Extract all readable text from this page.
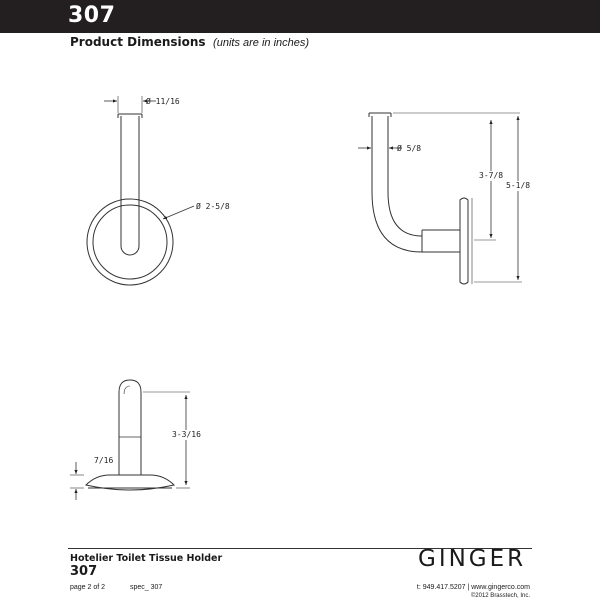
307
Product Dimensions (units are in inches)
Ø 11/16
Ø 2-5/8
Ø 5/8
3-7/8
5-1/8
3-3/16
7/16
Hotelier Toilet Tissue Holder
307
page 2 of 2	spec_ 307
GINGER
t: 949.417.5207 | www.gingerco.com
©2012 Brasstech, Inc.
